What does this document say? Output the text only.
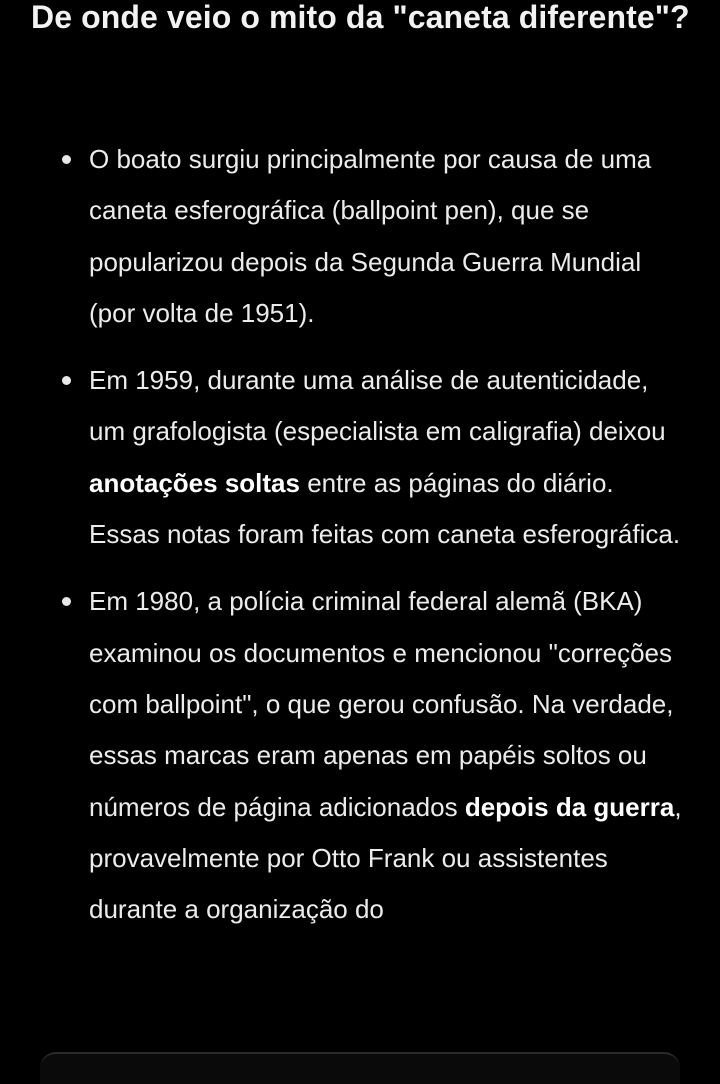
De onde veio o mito da "caneta diferente"?
O boato surgiu principalmente por causa de uma caneta esferográfica (ballpoint pen), que se popularizou depois da Segunda Guerra Mundial (por volta de 1951).
Em 1959, durante uma análise de autenticidade, um grafologista (especialista em caligrafia) deixou anotações soltas entre as páginas do diário. Essas notas foram feitas com caneta esferográfica.
Em 1980, a polícia criminal federal alemã (BKA) examinou os documentos e mencionou "correções com ballpoint", o que gerou confusão. Na verdade, essas marcas eram apenas em papéis soltos ou números de página adicionados depois da guerra, provavelmente por Otto Frank ou assistentes durante a organização do
